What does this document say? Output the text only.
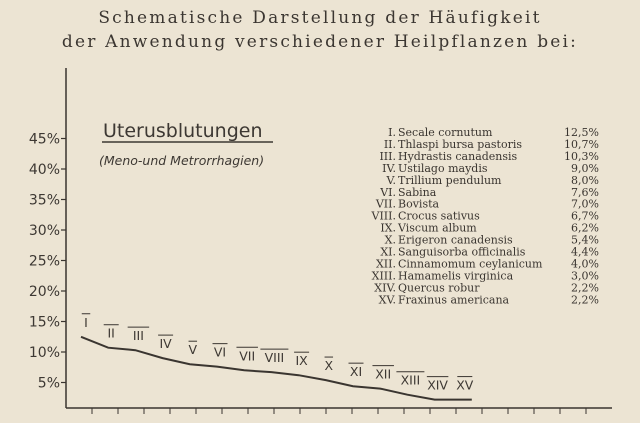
Schematische Darstellung der Häufigkeit
der Anwendung verschiedener Heilpflanzen bei:
5%
10%
15%
20%
25%
30%
35%
40%
45% Uterusblutungen
(Meno-und Metrorrhagien)
I. Secale cornutum	12,5%
II. Thlaspi bursa pastoris	10,7%
III. Hydrastis canadensis	10,3%
IV. Ustilago maydis	9,0%
V. Trillium pendulum	8,0%
VI. Sabina	7,6%
VII. Bovista	7,0%
VIII. Crocus sativus	6,7%
IX. Viscum album	6,2%
X. Erigeron canadensis	5,4%
XI. Sanguisorba officinalis	4,4%
XII. Cinnamomum ceylanicum	4,0%
XIII. Hamamelis virginica	3,0%
XIV. Quercus robur	2,2%
XV. Fraxinus americana	2,2%
I
II III
IV V VI VII VIII IX X XI XII XIII XIV XV
